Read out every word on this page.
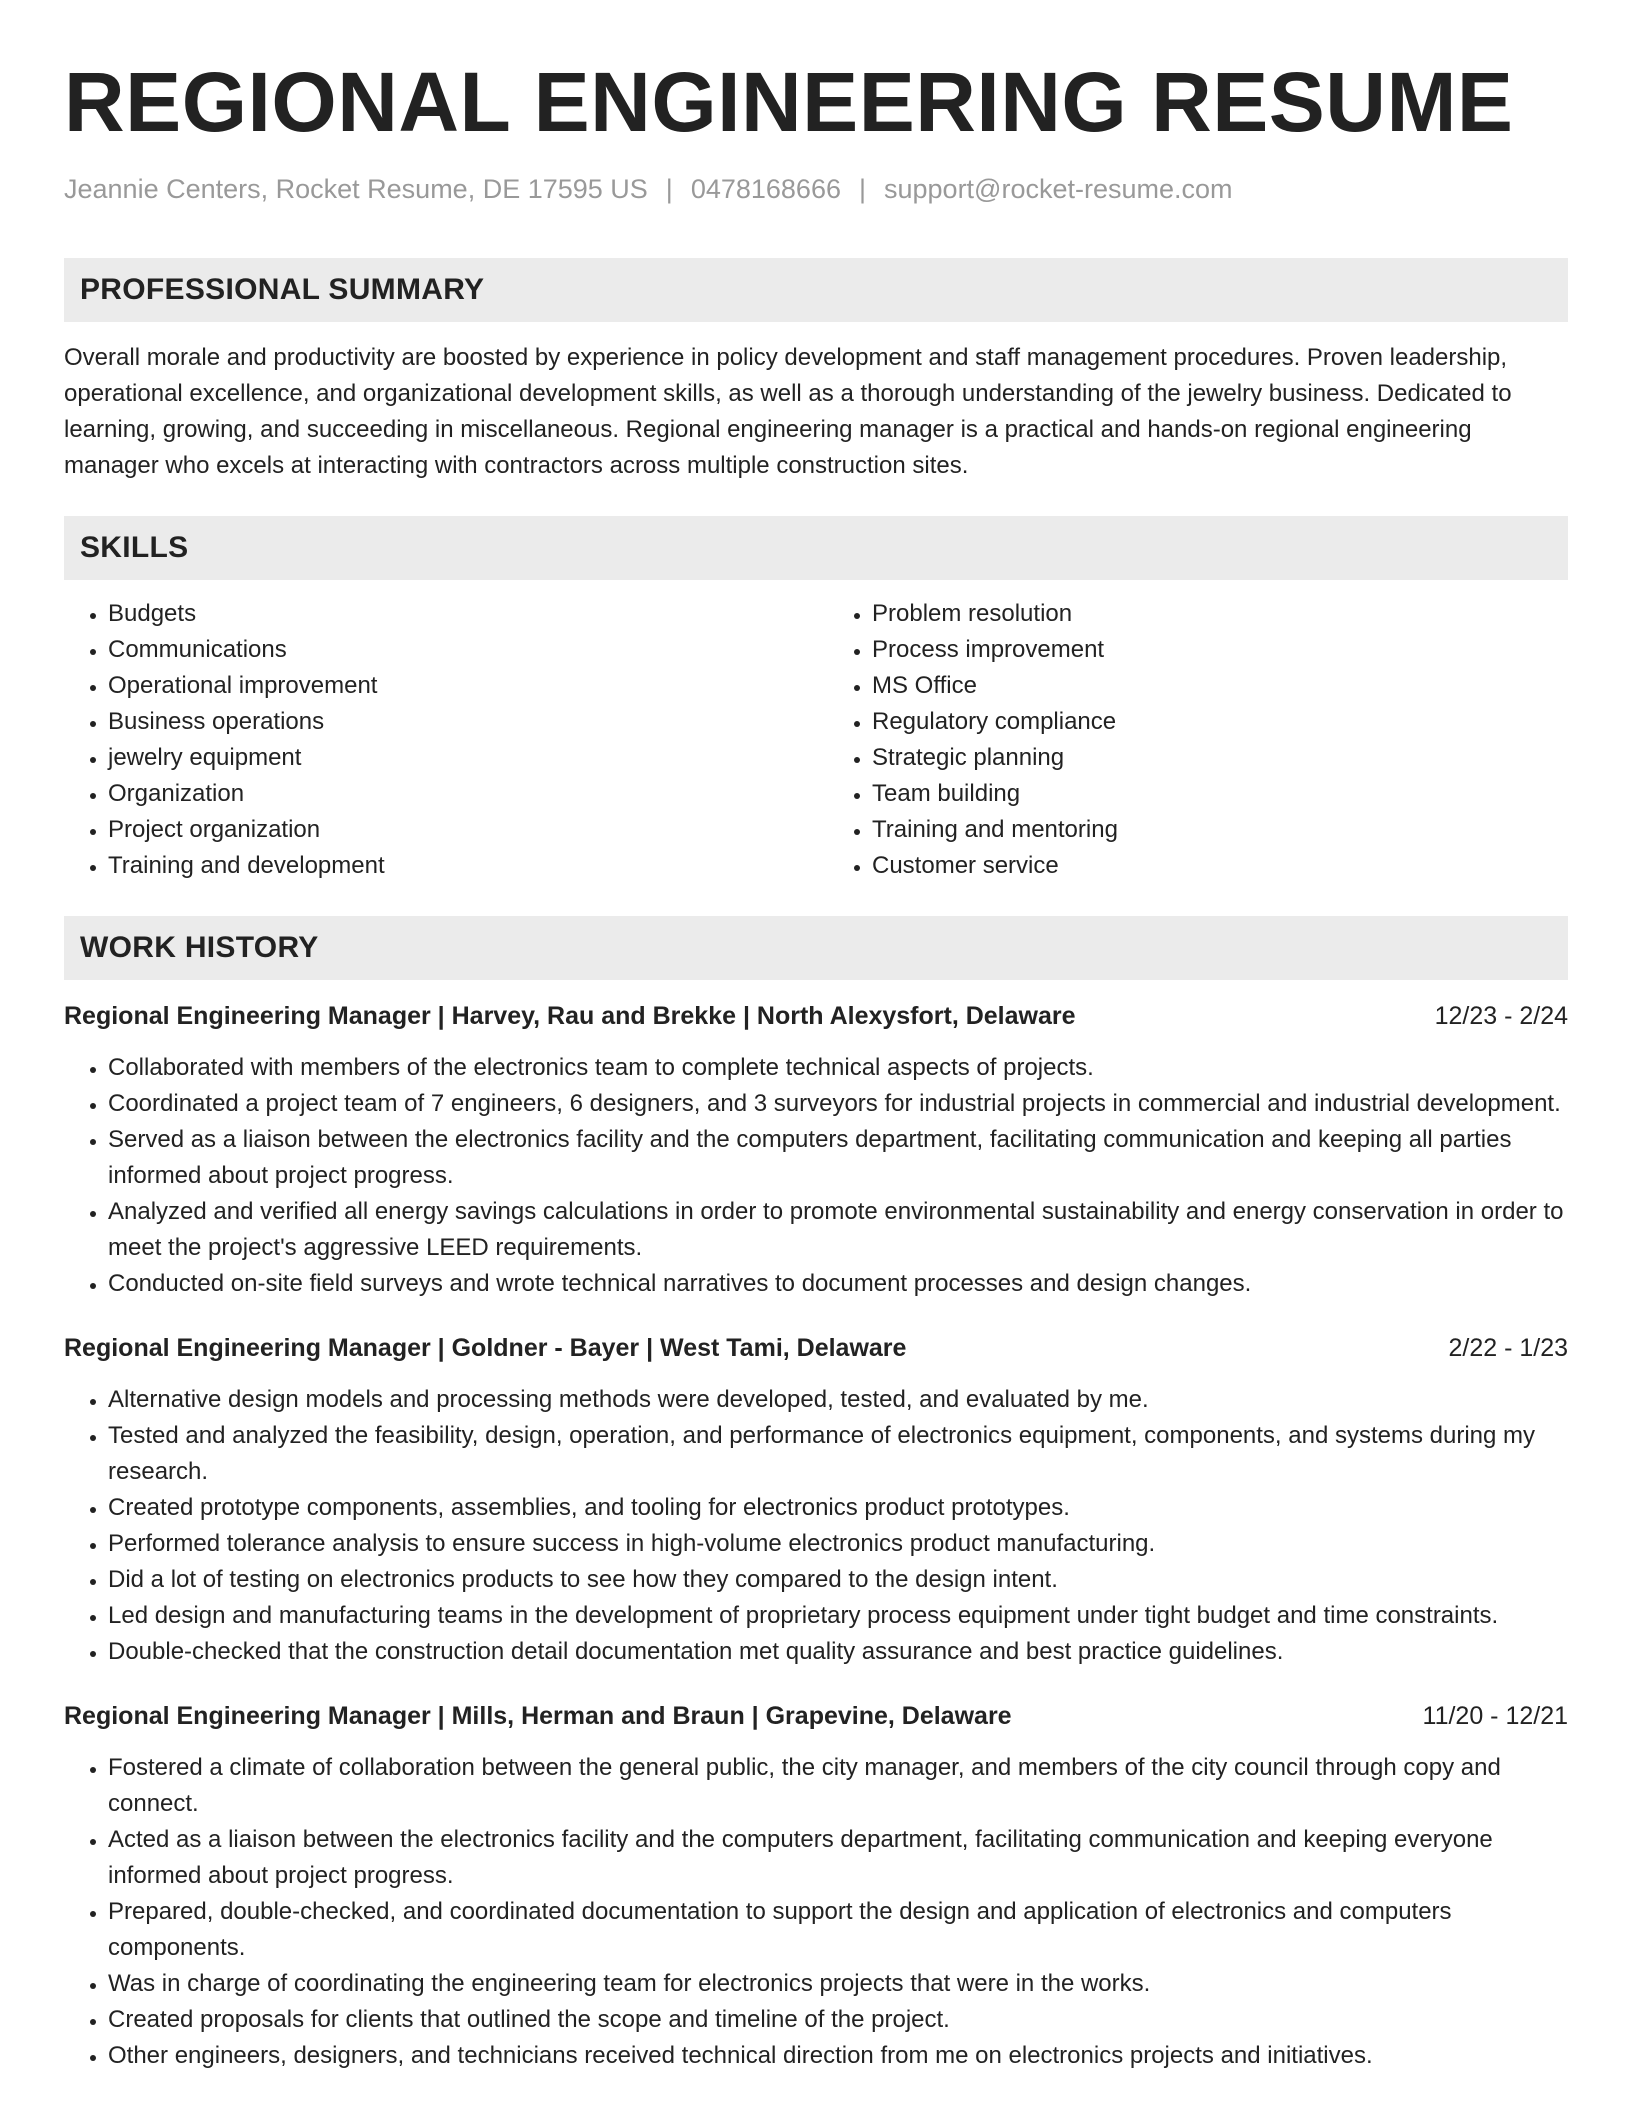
REGIONAL ENGINEERING RESUME
Jeannie Centers, Rocket Resume, DE 17595 US | 0478168666 | support@rocket-resume.com
PROFESSIONAL SUMMARY

Overall morale and productivity are boosted by experience in policy development and staff management procedures. Proven leadership, operational excellence, and organizational development skills, as well as a thorough understanding of the jewelry business. Dedicated to learning, growing, and succeeding in miscellaneous. Regional engineering manager is a practical and hands-on regional engineering manager who excels at interacting with contractors across multiple construction sites.

SKILLS
• Budgets
• Communications
• Operational improvement
• Business operations
• jewelry equipment
• Organization
• Project organization
• Training and development
• Problem resolution
• Process improvement
• MS Office
• Regulatory compliance
• Strategic planning
• Team building
• Training and mentoring
• Customer service
WORK HISTORY
Regional Engineering Manager | Harvey, Rau and Brekke | North Alexysfort, Delaware	12/23 - 2/24
• Collaborated with members of the electronics team to complete technical aspects of projects.
• Coordinated a project team of 7 engineers, 6 designers, and 3 surveyors for industrial projects in commercial and industrial development.
• Served as a liaison between the electronics facility and the computers department, facilitating communication and keeping all parties informed about project progress.
• Analyzed and verified all energy savings calculations in order to promote environmental sustainability and energy conservation in order to meet the project's aggressive LEED requirements.
• Conducted on-site field surveys and wrote technical narratives to document processes and design changes.
Regional Engineering Manager | Goldner - Bayer | West Tami, Delaware	2/22 - 1/23
• Alternative design models and processing methods were developed, tested, and evaluated by me.
• Tested and analyzed the feasibility, design, operation, and performance of electronics equipment, components, and systems during my research.
• Created prototype components, assemblies, and tooling for electronics product prototypes.
• Performed tolerance analysis to ensure success in high-volume electronics product manufacturing.
• Did a lot of testing on electronics products to see how they compared to the design intent.
• Led design and manufacturing teams in the development of proprietary process equipment under tight budget and time constraints.
• Double-checked that the construction detail documentation met quality assurance and best practice guidelines.
Regional Engineering Manager | Mills, Herman and Braun | Grapevine, Delaware	11/20 - 12/21
• Fostered a climate of collaboration between the general public, the city manager, and members of the city council through copy and connect.
• Acted as a liaison between the electronics facility and the computers department, facilitating communication and keeping everyone informed about project progress.
• Prepared, double-checked, and coordinated documentation to support the design and application of electronics and computers components.
• Was in charge of coordinating the engineering team for electronics projects that were in the works.
• Created proposals for clients that outlined the scope and timeline of the project.
• Other engineers, designers, and technicians received technical direction from me on electronics projects and initiatives.
